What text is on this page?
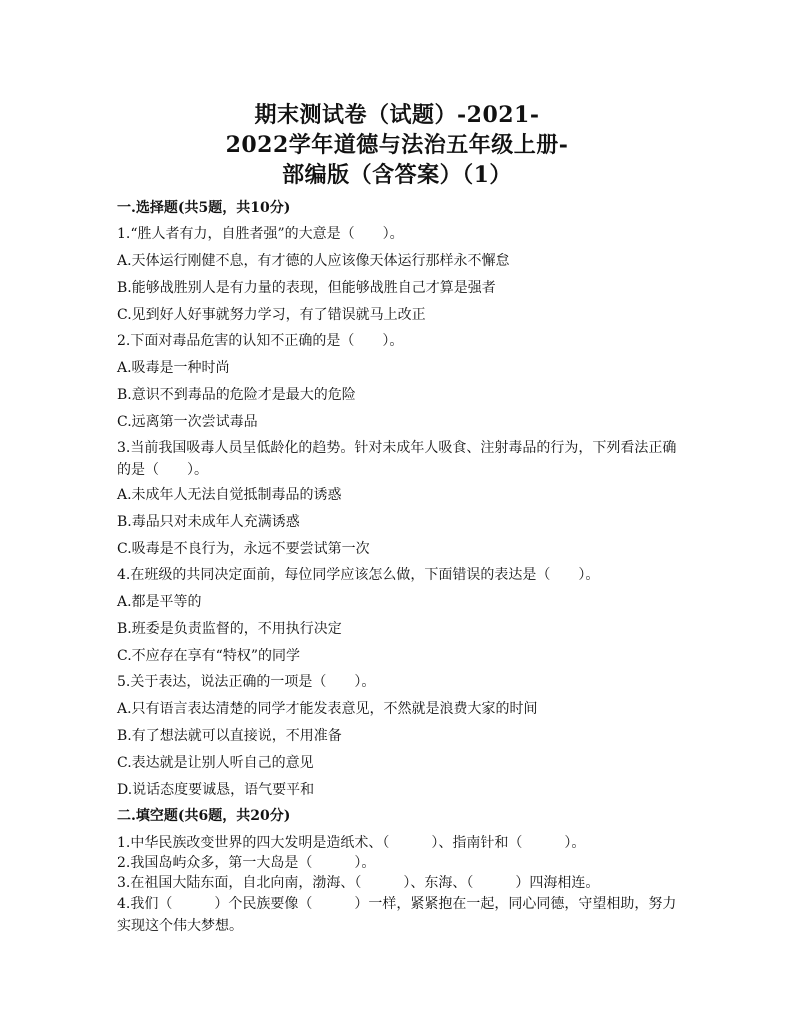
期末测试卷（试题）-2021-
2022学年道德与法治五年级上册-
部编版（含答案）（1）
一.选择题(共5题，共10分)
1.“胜人者有力，自胜者强”的大意是（　　）。
A.天体运行刚健不息，有才德的人应该像天体运行那样永不懈怠
B.能够战胜别人是有力量的表现，但能够战胜自己才算是强者
C.见到好人好事就努力学习，有了错误就马上改正
2.下面对毒品危害的认知不正确的是（　　）。
A.吸毒是一种时尚
B.意识不到毒品的危险才是最大的危险
C.远离第一次尝试毒品
3.当前我国吸毒人员呈低龄化的趋势。针对未成年人吸食、注射毒品的行为，下列看法正确的是（　　）。
A.未成年人无法自觉抵制毒品的诱惑
B.毒品只对未成年人充满诱惑
C.吸毒是不良行为，永远不要尝试第一次
4.在班级的共同决定面前，每位同学应该怎么做，下面错误的表达是（　　）。
A.都是平等的
B.班委是负责监督的，不用执行决定
C.不应存在享有“特权”的同学
5.关于表达，说法正确的一项是（　　）。
A.只有语言表达清楚的同学才能发表意见，不然就是浪费大家的时间
B.有了想法就可以直接说，不用准备
C.表达就是让别人听自己的意见
D.说话态度要诚恳，语气要平和
二.填空题(共6题，共20分)
1.中华民族改变世界的四大发明是造纸术、（　　　）、指南针和（　　　）。
2.我国岛屿众多，第一大岛是（　　　）。
3.在祖国大陆东面，自北向南，渤海、（　　　）、东海、（　　　）四海相连。
4.我们（　　　）个民族要像（　　　）一样，紧紧抱在一起，同心同德，守望相助，努力实现这个伟大梦想。
